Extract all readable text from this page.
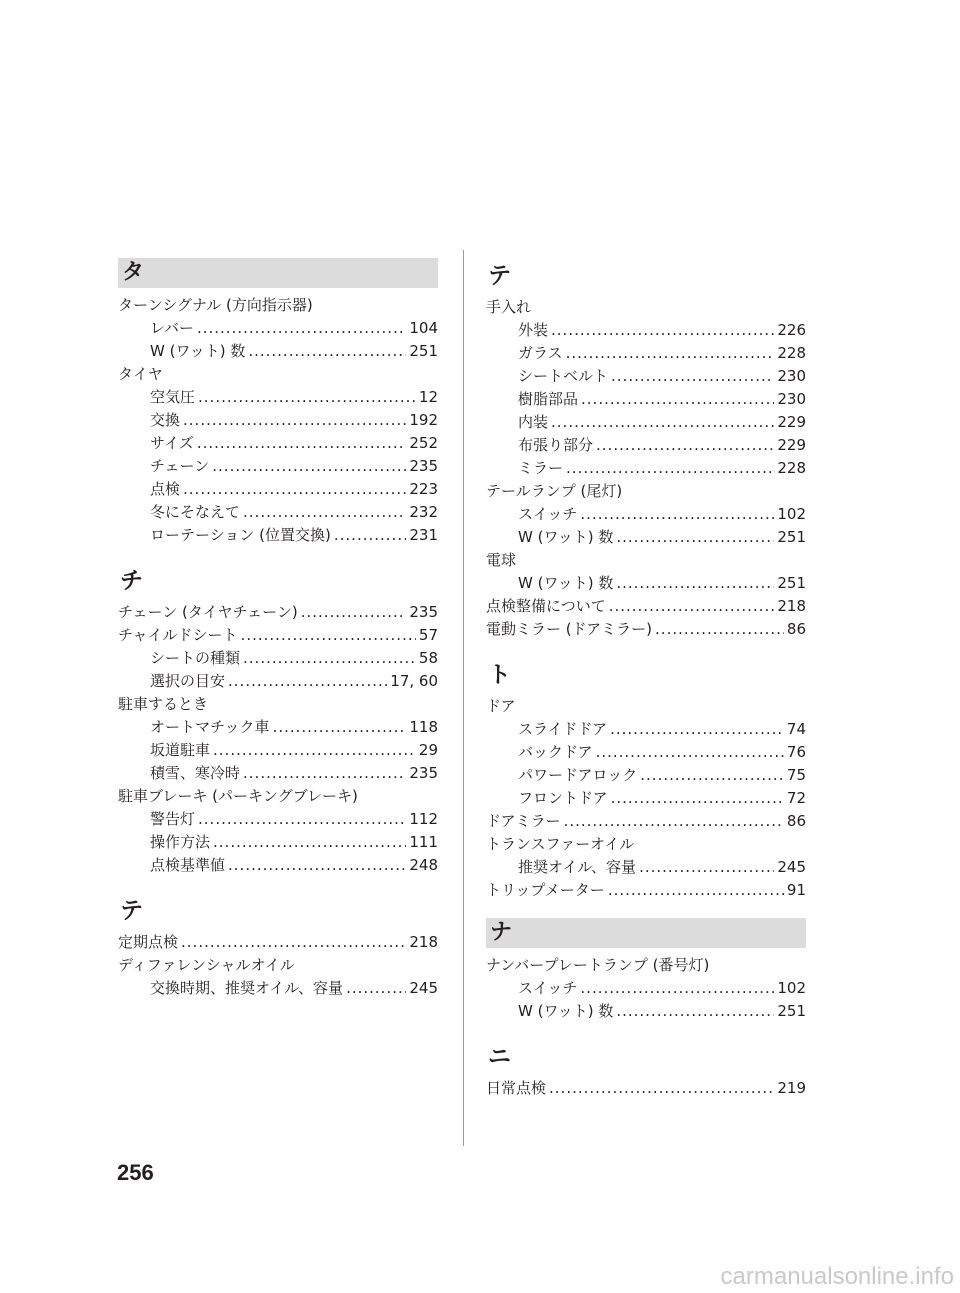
タ
ターンシグナル (方向指示器)
レバー .....	104
W (ワット) 数 .....	251
タイヤ
空気圧 .....	12
交換 .....	192
サイズ .....	252
チェーン .....	235
点検 .....	223
冬にそなえて .....	232
ローテーション (位置交換) .....	231
チ
チェーン (タイヤチェーン) .....	235
チャイルドシート .....	57
シートの種類 .....	58
選択の目安 .....	17, 60
駐車するとき
オートマチック車 .....	118
坂道駐車 .....	29
積雪、寒冷時 .....	235
駐車ブレーキ (パーキングブレーキ)
警告灯 .....	112
操作方法 .....	111
点検基準値 .....	248
テ
定期点検 .....	218
ディファレンシャルオイル
交換時期、推奨オイル、容量 .....	245
テ
手入れ
外装 .....	226
ガラス .....	228
シートベルト .....	230
樹脂部品 .....	230
内装 .....	229
布張り部分 .....	229
ミラー .....	228
テールランプ (尾灯)
スイッチ .....	102
W (ワット) 数 .....	251
電球
W (ワット) 数 .....	251
点検整備について .....	218
電動ミラー (ドアミラー) .....	86
ト
ドア
スライドドア .....	74
バックドア .....	76
パワードアロック .....	75
フロントドア .....	72
ドアミラー .....	86
トランスファーオイル
推奨オイル、容量 .....	245
トリップメーター .....	91
ナ
ナンバープレートランプ (番号灯)
スイッチ .....	102
W (ワット) 数 .....	251
ニ
日常点検 .....	219
256
carmanualsonline.info
